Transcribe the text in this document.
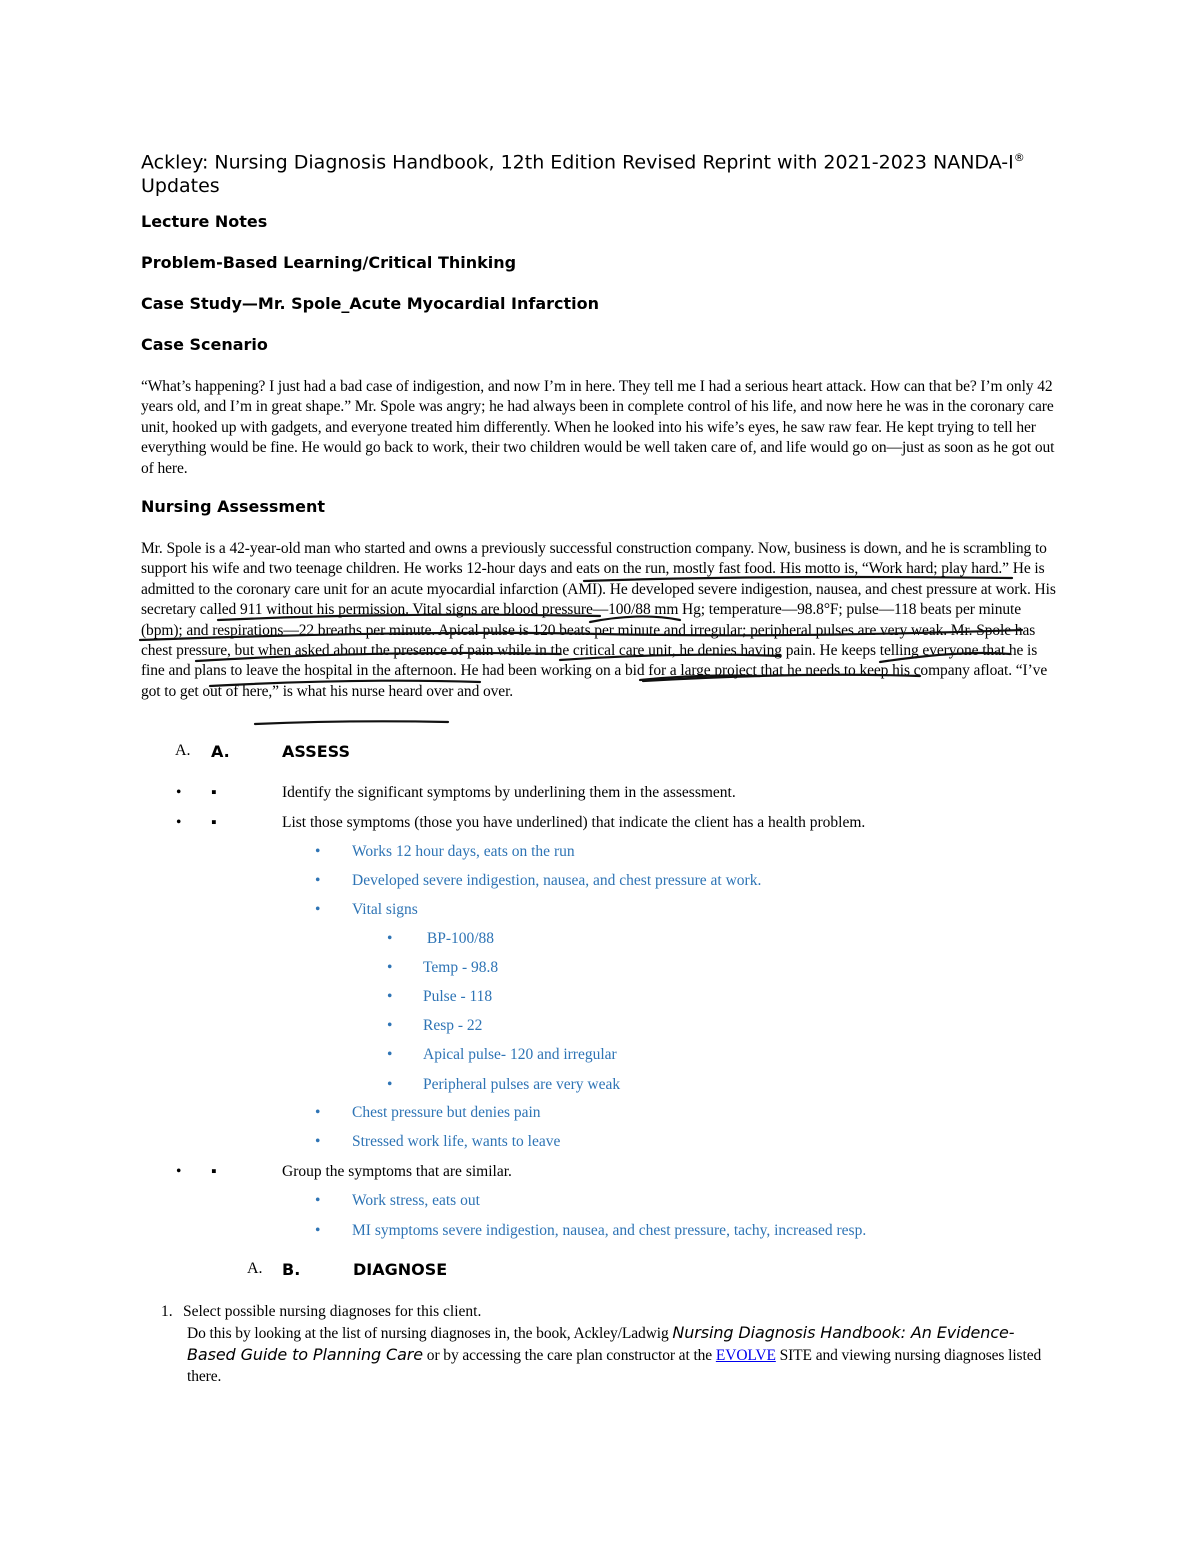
Ackley: Nursing Diagnosis Handbook, 12th Edition Revised Reprint with 2021-2023 NANDA-I® Updates
Lecture Notes
Problem-Based Learning/Critical Thinking
Case Study—Mr. Spole_Acute Myocardial Infarction
Case Scenario

“What’s happening? I just had a bad case of indigestion, and now I’m in here. They tell me I had a serious heart attack. How can that be? I’m only 42 years old, and I’m in great shape.” Mr. Spole was angry; he had always been in complete control of his life, and now here he was in the coronary care unit, hooked up with gadgets, and everyone treated him differently. When he looked into his wife’s eyes, he saw raw fear. He kept trying to tell her everything would be fine. He would go back to work, their two children would be well taken care of, and life would go on—just as soon as he got out of here.

Nursing Assessment

Mr. Spole is a 42-year-old man who started and owns a previously successful construction company. Now, business is down, and he is scrambling to support his wife and two teenage children. He works 12-hour days and eats on the run, mostly fast food. His motto is, “Work hard; play hard.” He is admitted to the coronary care unit for an acute myocardial infarction (AMI). He developed severe indigestion, nausea, and chest pressure at work. His secretary called 911 without his permission. Vital signs are blood pressure—100/88 mm Hg; temperature—98.8°F; pulse—118 beats per minute (bpm); and respirations—22 breaths per minute. Apical pulse is 120 beats per minute and irregular; peripheral pulses are very weak. Mr. Spole has chest pressure, but when asked about the presence of pain while in the critical care unit, he denies having pain. He keeps telling everyone that he is fine and plans to leave the hospital in the afternoon. He had been working on a bid for a large project that he needs to keep his company afloat. “I’ve got to get out of here,” is what his nurse heard over and over.

A. A.	ASSESS
• ▪	Identify the significant symptoms by underlining them in the assessment.
• ▪	List those symptoms (those you have underlined) that indicate the client has a health problem.
• Works 12 hour days, eats on the run
• Developed severe indigestion, nausea, and chest pressure at work.
• Vital signs
• BP-100/88
• Temp - 98.8
• Pulse - 118
• Resp - 22
• Apical pulse- 120 and irregular
• Peripheral pulses are very weak
• Chest pressure but denies pain
• Stressed work life, wants to leave
• ▪	Group the symptoms that are similar.
• Work stress, eats out
• MI symptoms severe indigestion, nausea, and chest pressure, tachy, increased resp.
A. B.	DIAGNOSE
1. Select possible nursing diagnoses for this client.

Do this by looking at the list of nursing diagnoses in, the book, Ackley/Ladwig Nursing Diagnosis Handbook: An Evidence-Based Guide to Planning Care or by accessing the care plan constructor at the EVOLVE SITE and viewing nursing diagnoses listed there.
